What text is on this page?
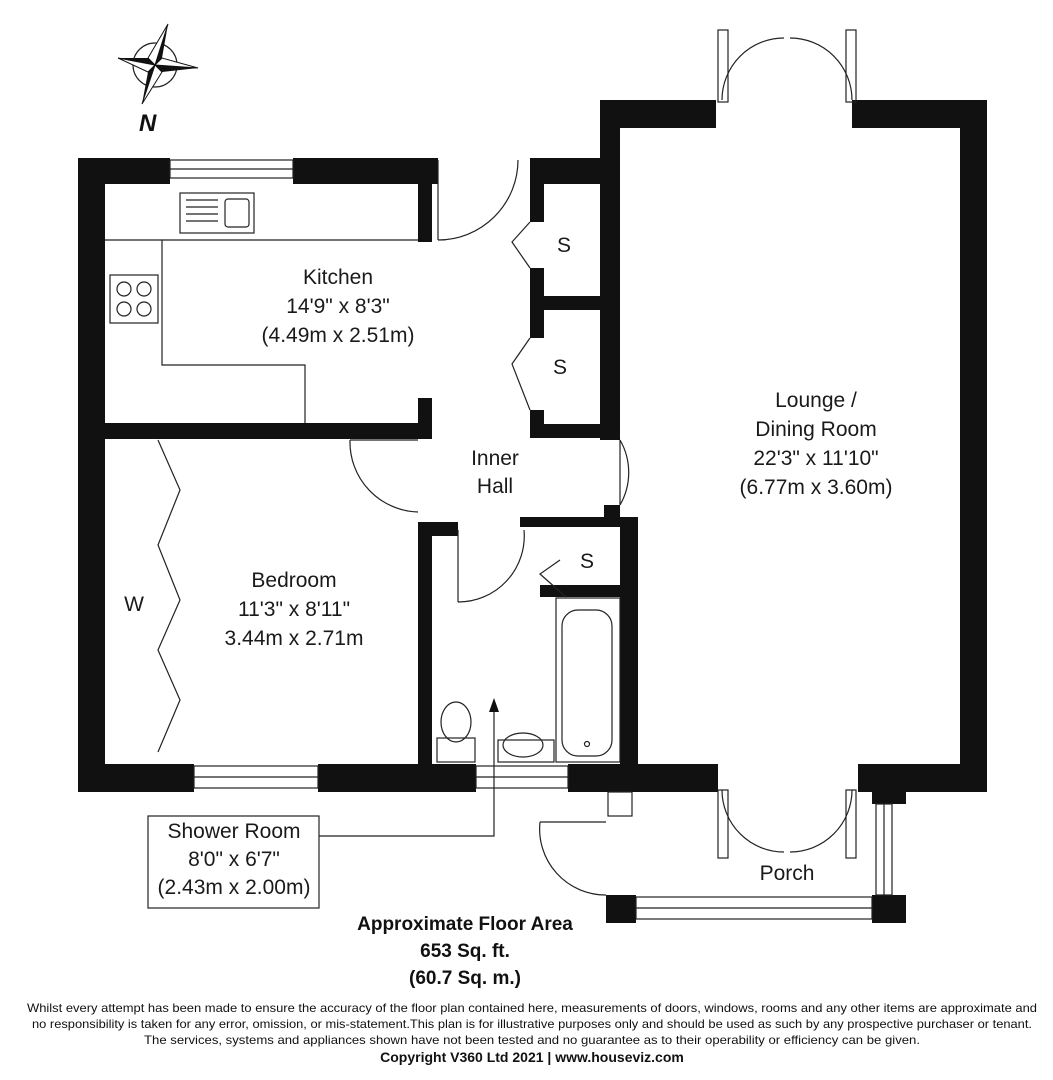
N
Kitchen
14'9" x 8'3"
(4.49m x 2.51m)
Inner
Hall
Lounge /
Dining Room
22'3" x 11'10"
(6.77m x 3.60m)
Bedroom
11'3" x 8'11"
3.44m x 2.71m
Shower Room
8'0" x 6'7"
(2.43m x 2.00m)
Porch
S
S
S
W
Approximate Floor Area
653 Sq. ft.
(60.7 Sq. m.)
Whilst every attempt has been made to ensure the accuracy of the floor plan contained here, measurements of doors, windows, rooms and any other items are approximate and
no responsibility is taken for any error, omission, or mis-statement.This plan is for illustrative purposes only and should be used as such by any prospective purchaser or tenant.
The services, systems and appliances shown have not been tested and no guarantee as to their operability or efficiency can be given.
Copyright V360 Ltd 2021 | www.houseviz.com
